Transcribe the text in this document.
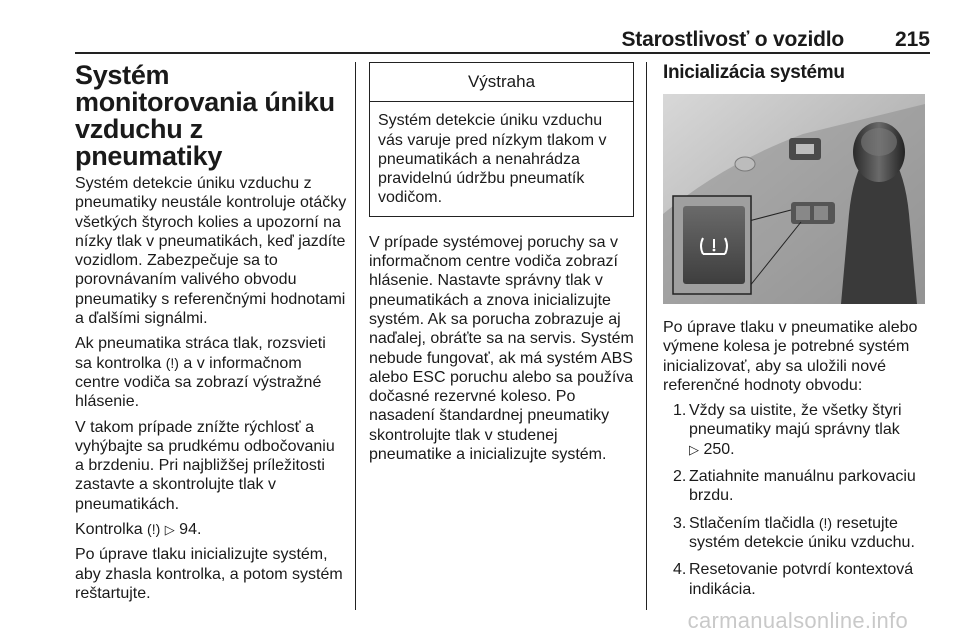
Starostlivosť o vozidlo 215
Systém monitorovania úniku vzduchu z pneumatiky

Systém detekcie úniku vzduchu z pneumatiky neustále kontroluje otáčky všetkých štyroch kolies a upozorní na nízky tlak v pneumatikách, keď jazdíte vozidlom. Zabezpečuje sa to porovnávaním valivého obvodu pneumatiky s referenčnými hodnotami a ďalšími signálmi.

Ak pneumatika stráca tlak, rozsvieti sa kontrolka (!) a v informačnom centre vodiča sa zobrazí výstražné hlásenie.

V takom prípade znížte rýchlosť a vyhýbajte sa prudkému odbočovaniu a brzdeniu. Pri najbližšej príležitosti zastavte a skontrolujte tlak v pneumatikách.

Kontrolka (!) ▷ 94.

Po úprave tlaku inicializujte systém, aby zhasla kontrolka, a potom systém reštartujte.

Výstraha
Systém detekcie úniku vzduchu vás varuje pred nízkym tlakom v pneumatikách a nenahrádza pravidelnú údržbu pneumatík vodičom.

V prípade systémovej poruchy sa v informačnom centre vodiča zobrazí hlásenie. Nastavte správny tlak v pneumatikách a znova inicializujte systém. Ak sa porucha zobrazuje aj naďalej, obráťte sa na servis. Systém nebude fungovať, ak má systém ABS alebo ESC poruchu alebo sa používa dočasné rezervné koleso. Po nasadení štandardnej pneumatiky skontrolujte tlak v studenej pneumatike a inicializujte systém.

Inicializácia systému

Po úprave tlaku v pneumatike alebo výmene kolesa je potrebné systém inicializovať, aby sa uložili nové referenčné hodnoty obvodu:

1. Vždy sa uistite, že všetky štyri pneumatiky majú správny tlak
▷ 250.
2. Zatiahnite manuálnu parkovaciu brzdu.
3. Stlačením tlačidla (!) resetujte systém detekcie úniku vzduchu.
4. Resetovanie potvrdí kontextová indikácia.
carmanualsonline.info
